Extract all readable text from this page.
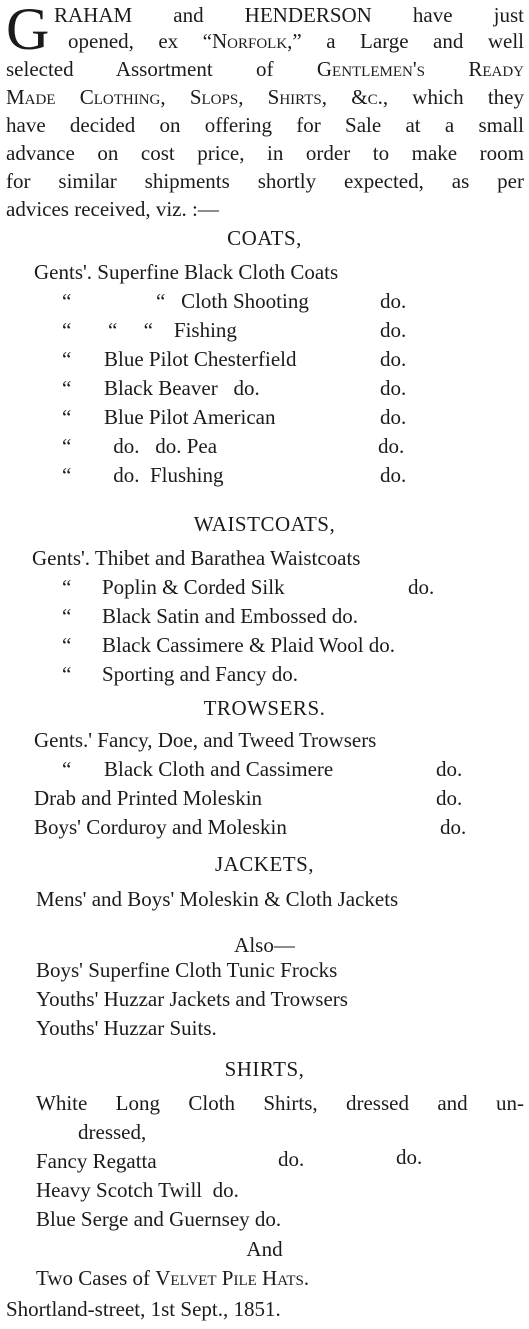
G RAHAM and HENDERSON have just
opened, ex “Norfolk,” a Large and well
selected Assortment of Gentlemen's Ready
Made Clothing, Slops, Shirts, &c., which they
have decided on offering for Sale at a small
advance on cost price, in order to make room
for similar shipments shortly expected, as per
advices received, viz. :—
COATS,
Gents'. Superfine Black Cloth Coats
“	“   Cloth Shooting	do.
“ “     “    Fishing	do.
“ Blue Pilot Chesterfield	do.
“ Black Beaver   do.	do.
“ Blue Pilot American	do.
“ do.   do. Pea	do.
“ do.  Flushing	do.
WAISTCOATS,
Gents'. Thibet and Barathea Waistcoats
“ Poplin & Corded Silk	do.
“ Black Satin and Embossed do.
“ Black Cassimere & Plaid Wool do.
“ Sporting and Fancy do.
TROWSERS.
Gents.' Fancy, Doe, and Tweed Trowsers
“ Black Cloth and Cassimere	do.
Drab and Printed Moleskin	do.
Boys' Corduroy and Moleskin	do.
JACKETS,
Mens' and Boys' Moleskin & Cloth Jackets
Also—
Boys' Superfine Cloth Tunic Frocks
Youths' Huzzar Jackets and Trowsers
Youths' Huzzar Suits.
SHIRTS,
White Long Cloth Shirts, dressed and un-
dressed,
Fancy Regatta	do.	do.
Heavy Scotch Twill  do.
Blue Serge and Guernsey do.
And
Two Cases of Velvet Pile Hats.
Shortland-street, 1st Sept., 1851.
